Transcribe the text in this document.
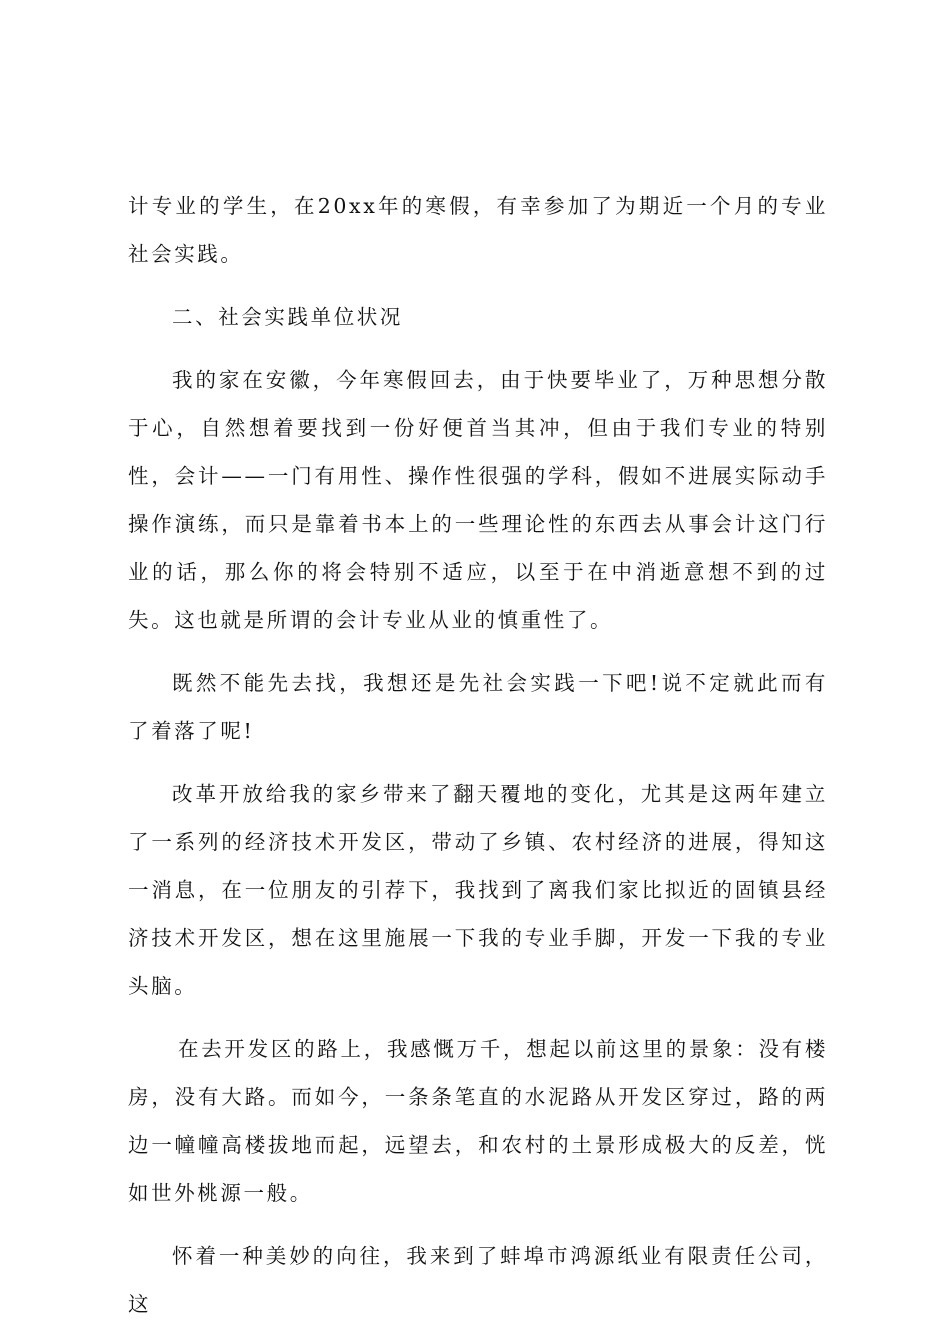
计专业的学生，在20xx年的寒假，有幸参加了为期近一个月的专业社会实践。

二、社会实践单位状况

我的家在安徽，今年寒假回去，由于快要毕业了，万种思想分散于心，自然想着要找到一份好便首当其冲，但由于我们专业的特别性，会计——一门有用性、操作性很强的学科，假如不进展实际动手操作演练，而只是靠着书本上的一些理论性的东西去从事会计这门行业的话，那么你的将会特别不适应，以至于在中消逝意想不到的过失。这也就是所谓的会计专业从业的慎重性了。

既然不能先去找，我想还是先社会实践一下吧!说不定就此而有了着落了呢!

改革开放给我的家乡带来了翻天覆地的变化，尤其是这两年建立了一系列的经济技术开发区，带动了乡镇、农村经济的进展，得知这一消息，在一位朋友的引荐下，我找到了离我们家比拟近的固镇县经济技术开发区，想在这里施展一下我的专业手脚，开发一下我的专业头脑。

在去开发区的路上，我感慨万千，想起以前这里的景象：没有楼房，没有大路。而如今，一条条笔直的水泥路从开发区穿过，路的两边一幢幢高楼拔地而起，远望去，和农村的土景形成极大的反差，恍如世外桃源一般。

怀着一种美妙的向往，我来到了蚌埠市鸿源纸业有限责任公司，这
